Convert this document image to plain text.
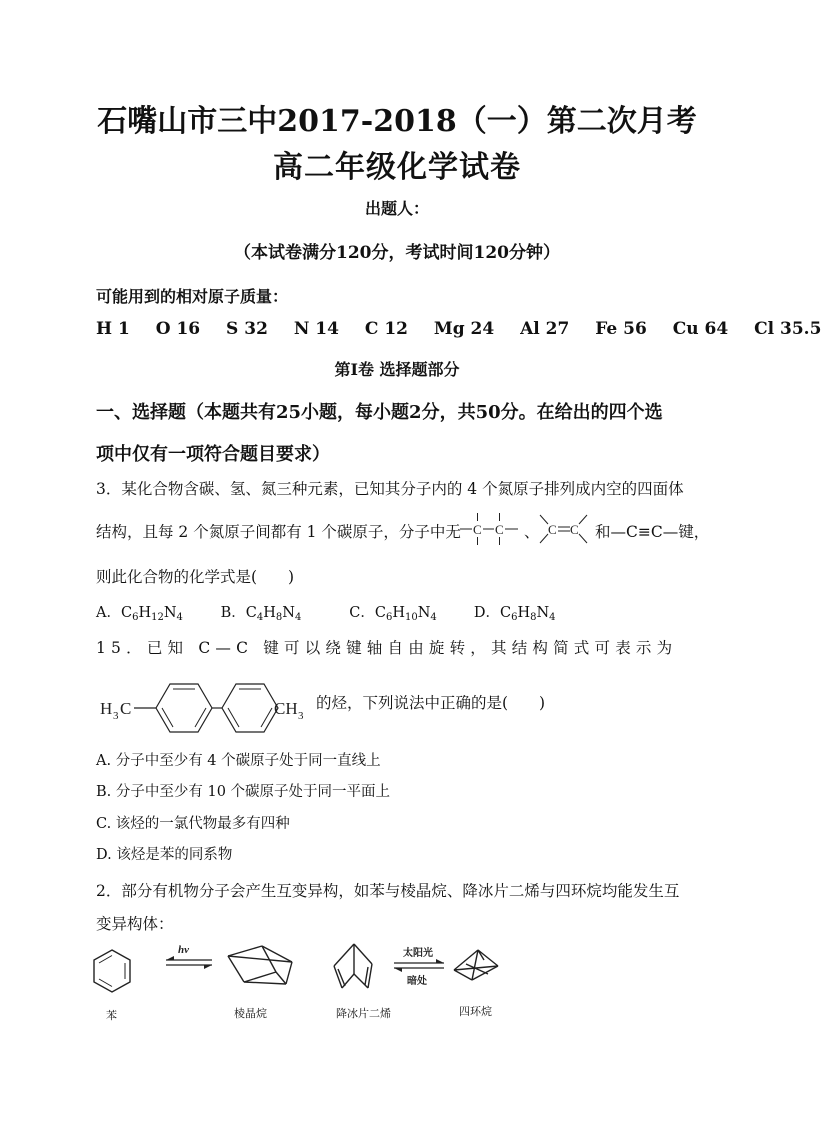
石嘴山市三中2017-2018（一）第二次月考
高二年级化学试卷
出题人：
（本试卷满分120分，考试时间120分钟）
可能用到的相对原子质量：
H 1 O 16 S 32 N 14 C 12 Mg 24 Al 27 Fe 56 Cu 64 Cl 35.5
第Ⅰ卷 选择题部分
一、选择题（本题共有25小题，每小题2分，共50分。在给出的四个选
项中仅有一项符合题目要求）
3．某化合物含碳、氢、氮三种元素，已知其分子内的 4 个氮原子排列成内空的四面体
结构，且每 2 个氮原子间都有 1 个碳原子，分子中无 C C 、 C C 和—C≡C—键，
则此化合物的化学式是(　　)
A．$C_6H_{12}N_4$	B．$C_4H_8N_4$	C．$C_6H_{10}N_4$	D．$C_6H_8N_4$
15．已知 C—C 键可以绕键轴自由旋转，其结构简式可表示为
H 3 C	CH 3
的烃，下列说法中正确的是(　　)
A. 分子中至少有 4 个碳原子处于同一直线上
B. 分子中至少有 10 个碳原子处于同一平面上
C. 该烃的一氯代物最多有四种
D. 该烃是苯的同系物
2．部分有机物分子会产生互变异构，如苯与棱晶烷、降冰片二烯与四环烷均能发生互
变异构体：
hv	太阳光
暗处
苯	棱晶烷	降冰片二烯	四环烷
